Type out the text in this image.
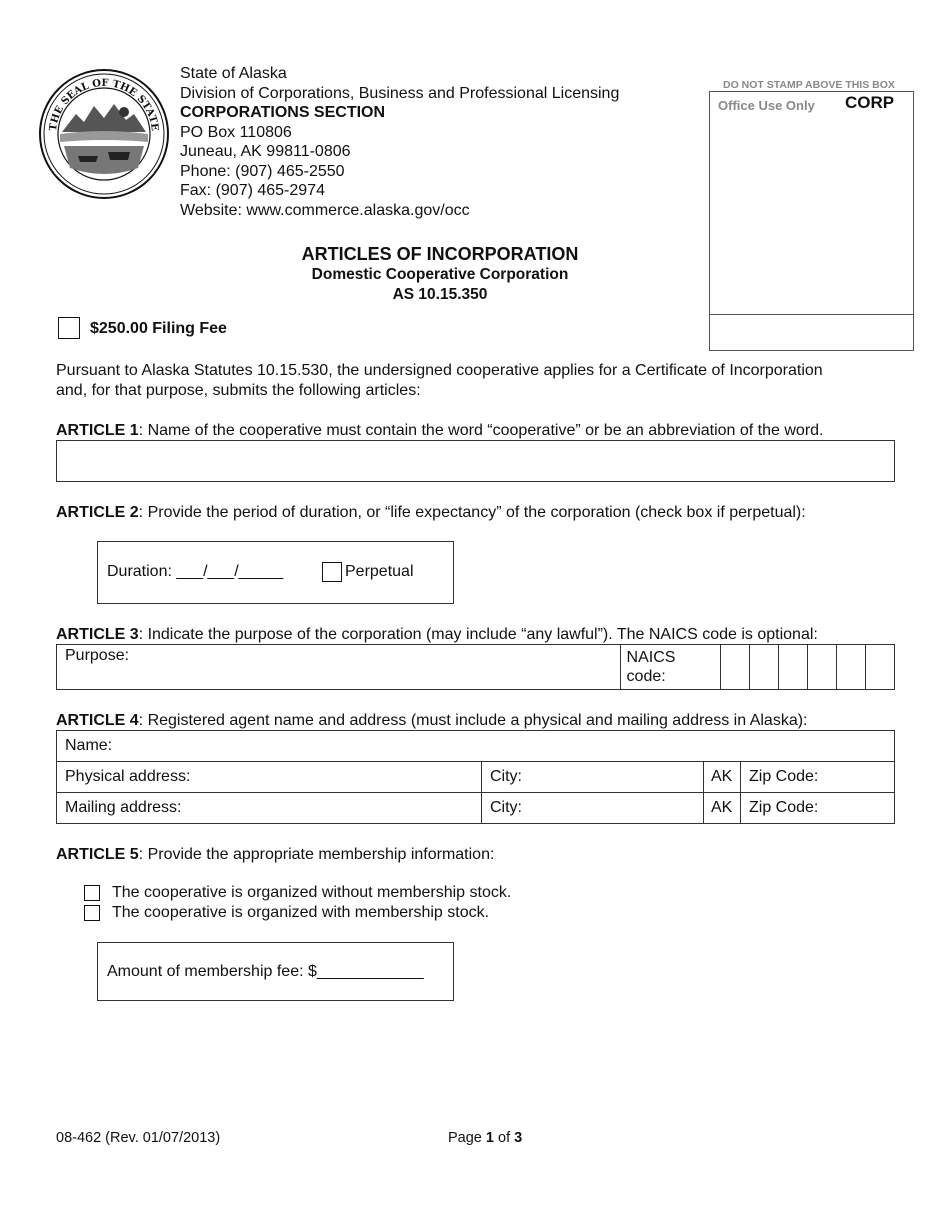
THE SEAL OF THE STATE
State of Alaska
Division of Corporations, Business and Professional Licensing
CORPORATIONS SECTION
PO Box 110806
Juneau, AK 99811-0806
Phone: (907) 465-2550
Fax: (907) 465-2974
Website: www.commerce.alaska.gov/occ
DO NOT STAMP ABOVE THIS BOX
Office Use Only CORP
ARTICLES OF INCORPORATION
Domestic Cooperative Corporation
AS 10.15.350
$250.00 Filing Fee
Pursuant to Alaska Statutes 10.15.530, the undersigned cooperative applies for a Certificate of Incorporation
and, for that purpose, submits the following articles:
ARTICLE 1: Name of the cooperative must contain the word “cooperative” or be an abbreviation of the word.
ARTICLE 2: Provide the period of duration, or “life expectancy” of the corporation (check box if perpetual):
Duration: ___/___/_____	Perpetual
ARTICLE 3: Indicate the purpose of the corporation (may include “any lawful”). The NAICS code is optional:
Purpose:	NAICS
code:

ARTICLE 4: Registered agent name and address (must include a physical and mailing address in Alaska):
Name:			
Physical address:	City:	AK	Zip Code:
Mailing address:	City:	AK	Zip Code:
ARTICLE 5: Provide the appropriate membership information:
The cooperative is organized without membership stock.
The cooperative is organized with membership stock.
Amount of membership fee: $____________
08-462 (Rev. 01/07/2013)	Page 1 of 3
